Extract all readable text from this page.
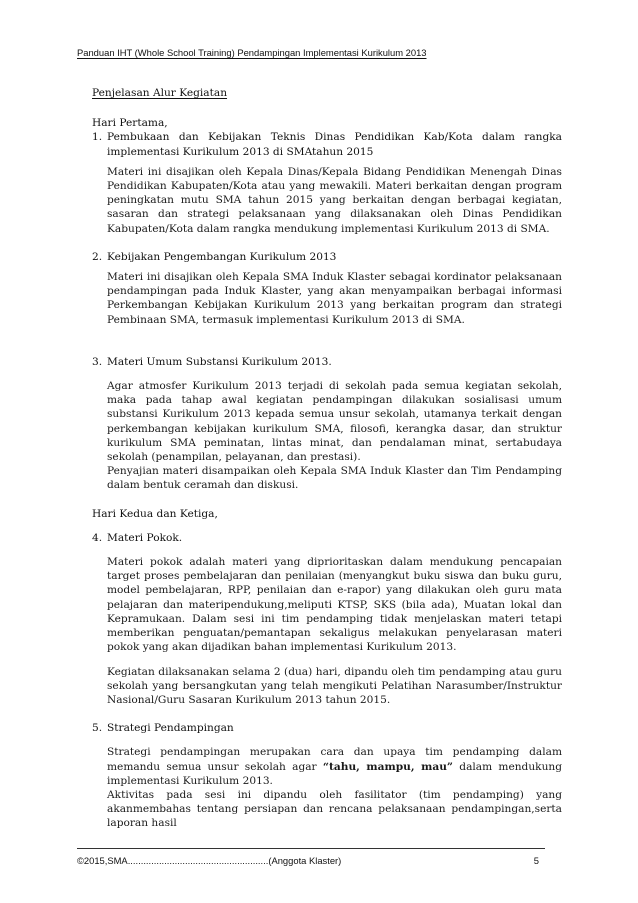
Panduan IHT (Whole School Training) Pendampingan Implementasi Kurikulum 2013

Penjelasan Alur Kegiatan

Hari Pertama,

1. Pembukaan dan Kebijakan Teknis Dinas Pendidikan Kab/Kota dalam rangka implementasi Kurikulum 2013 di SMAtahun 2015

Materi ini disajikan oleh Kepala Dinas/Kepala Bidang Pendidikan Menengah Dinas Pendidikan Kabupaten/Kota atau yang mewakili. Materi berkaitan dengan program peningkatan mutu SMA tahun 2015 yang berkaitan dengan berbagai kegiatan, sasaran dan strategi pelaksanaan yang dilaksanakan oleh Dinas Pendidikan Kabupaten/Kota dalam rangka mendukung implementasi Kurikulum 2013 di SMA.

2. Kebijakan Pengembangan Kurikulum 2013

Materi ini disajikan oleh Kepala SMA Induk Klaster sebagai kordinator pelaksanaan pendampingan pada Induk Klaster, yang akan menyampaikan berbagai informasi Perkembangan Kebijakan Kurikulum 2013 yang berkaitan program dan strategi Pembinaan SMA, termasuk implementasi Kurikulum 2013 di SMA.

3. Materi Umum Substansi Kurikulum 2013.

Agar atmosfer Kurikulum 2013 terjadi di sekolah pada semua kegiatan sekolah, maka pada tahap awal kegiatan pendampingan dilakukan sosialisasi umum substansi Kurikulum 2013 kepada semua unsur sekolah, utamanya terkait dengan perkembangan kebijakan kurikulum SMA, filosofi, kerangka dasar, dan struktur kurikulum SMA peminatan, lintas minat, dan pendalaman minat, sertabudaya sekolah (penampilan, pelayanan, dan prestasi).

Penyajian materi disampaikan oleh Kepala SMA Induk Klaster dan Tim Pendamping dalam bentuk ceramah dan diskusi.

Hari Kedua dan Ketiga,

4. Materi Pokok.

Materi pokok adalah materi yang diprioritaskan dalam mendukung pencapaian target proses pembelajaran dan penilaian (menyangkut buku siswa dan buku guru, model pembelajaran, RPP, penilaian dan e-rapor) yang dilakukan oleh guru mata pelajaran dan materipendukung,meliputi KTSP, SKS (bila ada), Muatan lokal dan Kepramukaan. Dalam sesi ini tim pendamping tidak menjelaskan materi tetapi memberikan penguatan/pemantapan sekaligus melakukan penyelarasan materi pokok yang akan dijadikan bahan implementasi Kurikulum 2013.

Kegiatan dilaksanakan selama 2 (dua) hari, dipandu oleh tim pendamping atau guru sekolah yang bersangkutan yang telah mengikuti Pelatihan Narasumber/Instruktur Nasional/Guru Sasaran Kurikulum 2013 tahun 2015.

5. Strategi Pendampingan

Strategi pendampingan merupakan cara dan upaya tim pendamping dalam memandu semua unsur sekolah agar “tahu, mampu, mau” dalam mendukung implementasi Kurikulum 2013.

Aktivitas pada sesi ini dipandu oleh fasilitator (tim pendamping) yang akanmembahas tentang persiapan dan rencana pelaksanaan pendampingan,serta laporan hasil

©2015,SMA......................................................(Anggota Klaster)	5
